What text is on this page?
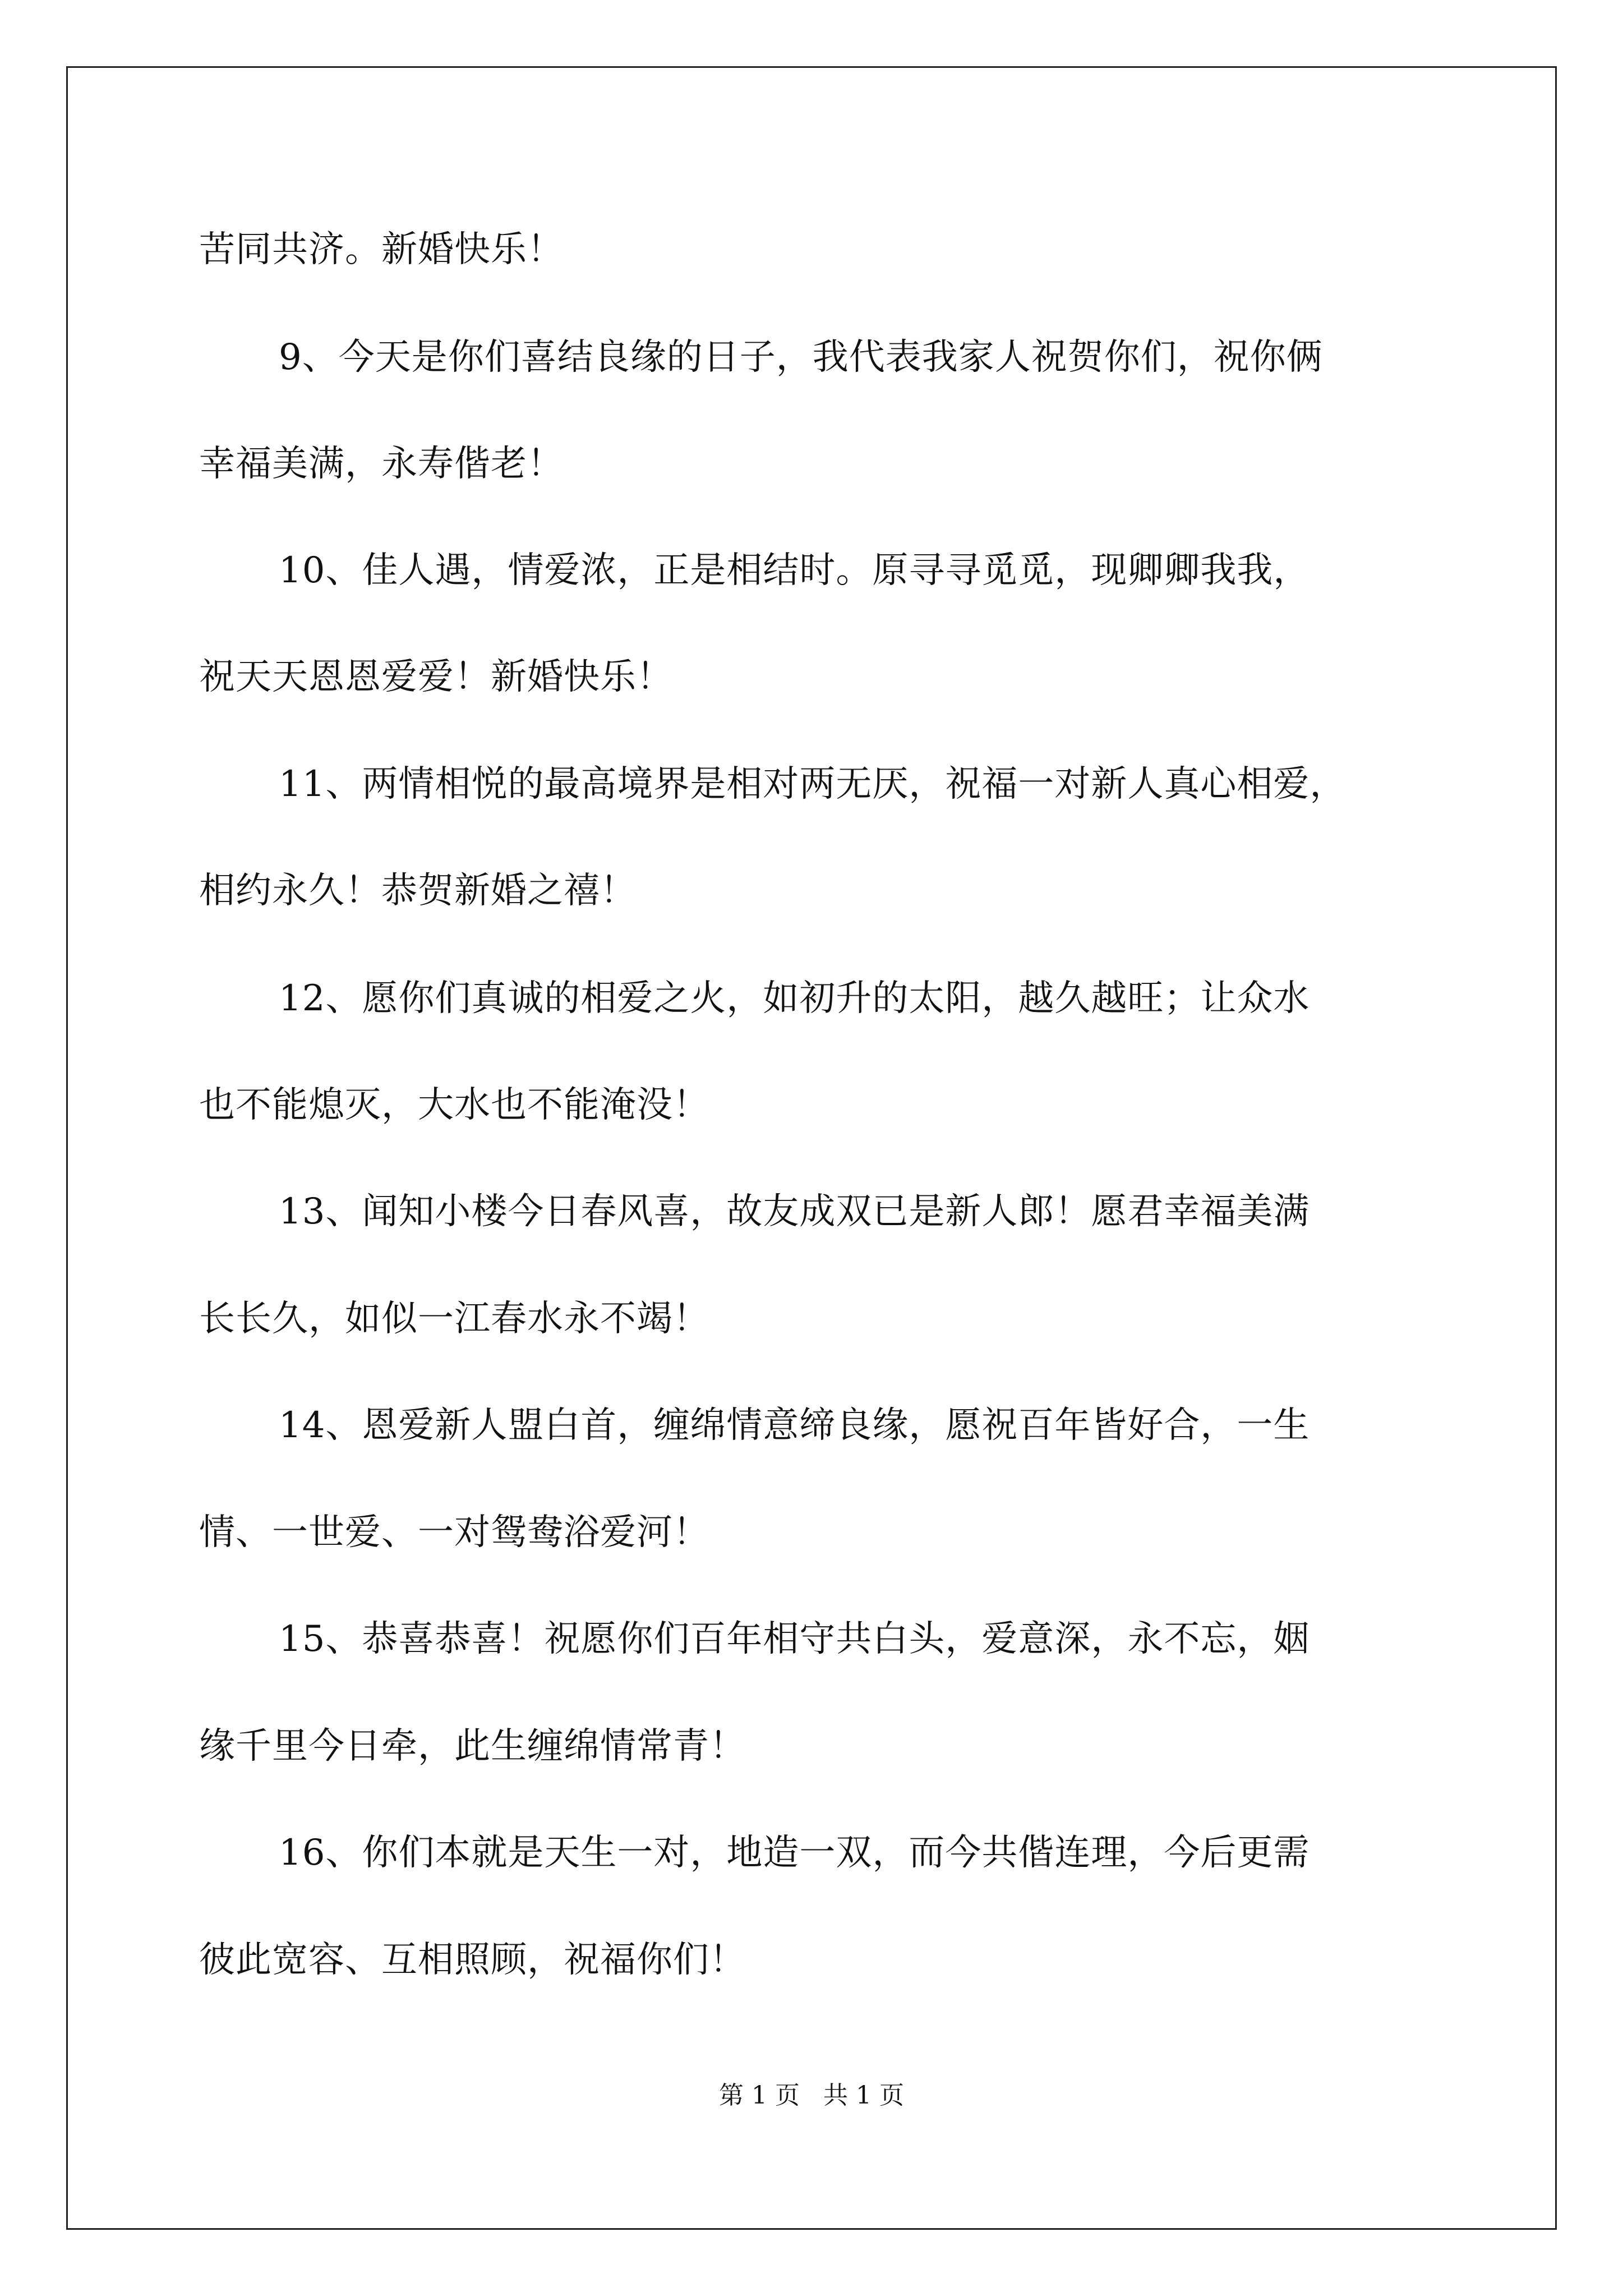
苦同共济。新婚快乐！
9、今天是你们喜结良缘的日子，我代表我家人祝贺你们，祝你俩
幸福美满，永寿偕老！
10、佳人遇，情爱浓，正是相结时。原寻寻觅觅，现卿卿我我，
祝天天恩恩爱爱！新婚快乐！
11、两情相悦的最高境界是相对两无厌，祝福一对新人真心相爱，
相约永久！恭贺新婚之禧！
12、愿你们真诚的相爱之火，如初升的太阳，越久越旺；让众水
也不能熄灭，大水也不能淹没！
13、闻知小楼今日春风喜，故友成双已是新人郎！愿君幸福美满
长长久，如似一江春水永不竭！
14、恩爱新人盟白首，缠绵情意缔良缘，愿祝百年皆好合，一生
情、一世爱、一对鸳鸯浴爱河！
15、恭喜恭喜！祝愿你们百年相守共白头，爱意深，永不忘，姻
缘千里今日牵，此生缠绵情常青！
16、你们本就是天生一对，地造一双，而今共偕连理，今后更需
彼此宽容、互相照顾，祝福你们！
第 1 页   共 1 页
